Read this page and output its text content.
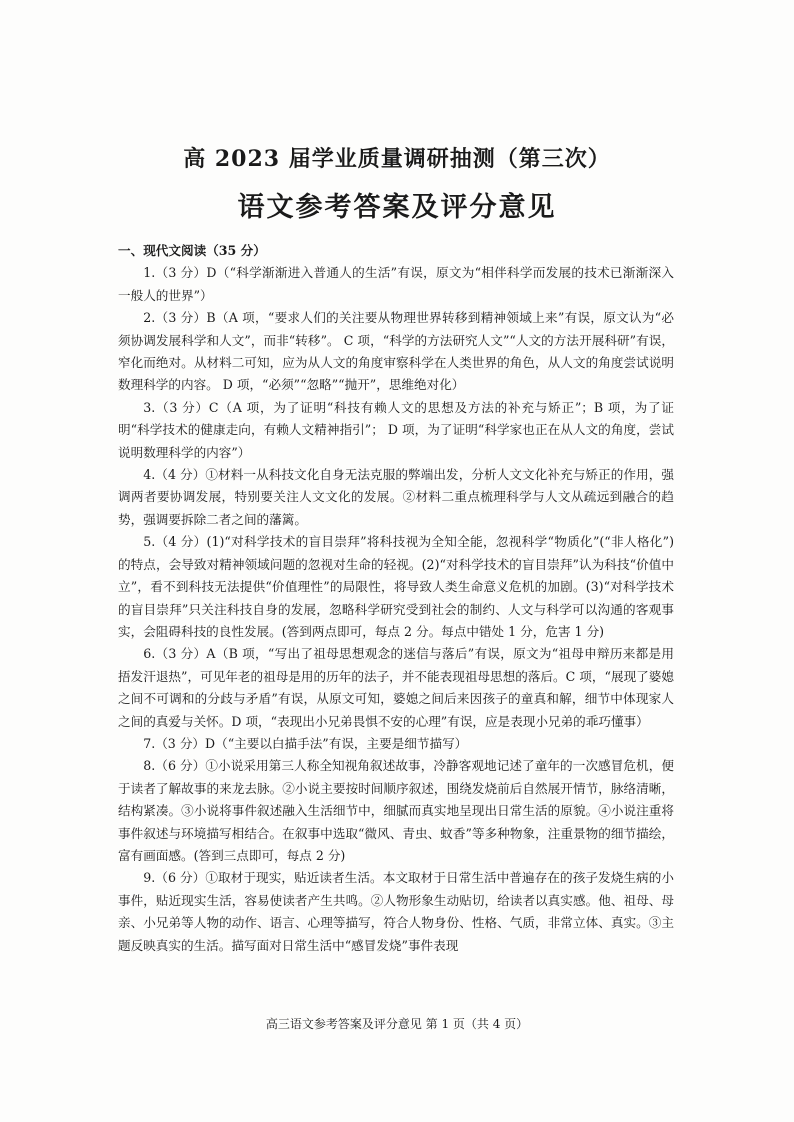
高 2023 届学业质量调研抽测（第三次）
语文参考答案及评分意见

一、现代文阅读（35 分）

1.（3 分）D（“科学渐渐进入普通人的生活”有误，原文为“相伴科学而发展的技术已渐渐深入一般人的世界”）

2.（3 分）B（A 项，“要求人们的关注要从物理世界转移到精神领域上来”有误，原文认为“必须协调发展科学和人文”，而非“转移”。 C 项，“科学的方法研究人文”“人文的方法开展科研”有误，窄化而绝对。从材料二可知，应为从人文的角度审察科学在人类世界的角色，从人文的角度尝试说明数理科学的内容。 D 项，“必须”“忽略”“抛开”，思维绝对化）

3.（3 分）C（A 项，为了证明“科技有赖人文的思想及方法的补充与矫正”；B 项，为了证明“科学技术的健康走向，有赖人文精神指引”； D 项，为了证明“科学家也正在从人文的角度，尝试说明数理科学的内容”）

4.（4 分）①材料一从科技文化自身无法克服的弊端出发，分析人文文化补充与矫正的作用，强调两者要协调发展，特别要关注人文文化的发展。②材料二重点梳理科学与人文从疏远到融合的趋势，强调要拆除二者之间的藩篱。

5.（4 分）(1)“对科学技术的盲目崇拜”将科技视为全知全能，忽视科学“物质化”(“非人格化”)的特点，会导致对精神领域问题的忽视对生命的轻视。(2)“对科学技术的盲目崇拜”认为科技“价值中立”，看不到科技无法提供“价值理性”的局限性，将导致人类生命意义危机的加剧。(3)“对科学技术的盲目崇拜”只关注科技自身的发展，忽略科学研究受到社会的制约、人文与科学可以沟通的客观事实，会阻碍科技的良性发展。(答到两点即可，每点 2 分。每点中错处 1 分，危害 1 分)

6.（3 分）A（B 项，“写出了祖母思想观念的迷信与落后”有误，原文为“祖母申辩历来都是用捂发汗退热”，可见年老的祖母是用的历年的法子，并不能表现祖母思想的落后。C 项，“展现了婆媳之间不可调和的分歧与矛盾”有误，从原文可知，婆媳之间后来因孩子的童真和解，细节中体现家人之间的真爱与关怀。D 项，“表现出小兄弟畏惧不安的心理”有误，应是表现小兄弟的乖巧懂事）

7.（3 分）D（“主要以白描手法”有误，主要是细节描写）

8.（6 分）①小说采用第三人称全知视角叙述故事，冷静客观地记述了童年的一次感冒危机，便于读者了解故事的来龙去脉。②小说主要按时间顺序叙述，围绕发烧前后自然展开情节，脉络清晰，结构紧凑。③小说将事件叙述融入生活细节中，细腻而真实地呈现出日常生活的原貌。④小说注重将事件叙述与环境描写相结合。在叙事中选取“微风、青虫、蚊香”等多种物象，注重景物的细节描绘，富有画面感。(答到三点即可，每点 2 分)

9.（6 分）①取材于现实，贴近读者生活。本文取材于日常生活中普遍存在的孩子发烧生病的小事件，贴近现实生活，容易使读者产生共鸣。②人物形象生动贴切，给读者以真实感。他、祖母、母亲、小兄弟等人物的动作、语言、心理等描写，符合人物身份、性格、气质，非常立体、真实。③主题反映真实的生活。描写面对日常生活中“感冒发烧”事件表现

高三语文参考答案及评分意见 第 1 页（共 4 页）
